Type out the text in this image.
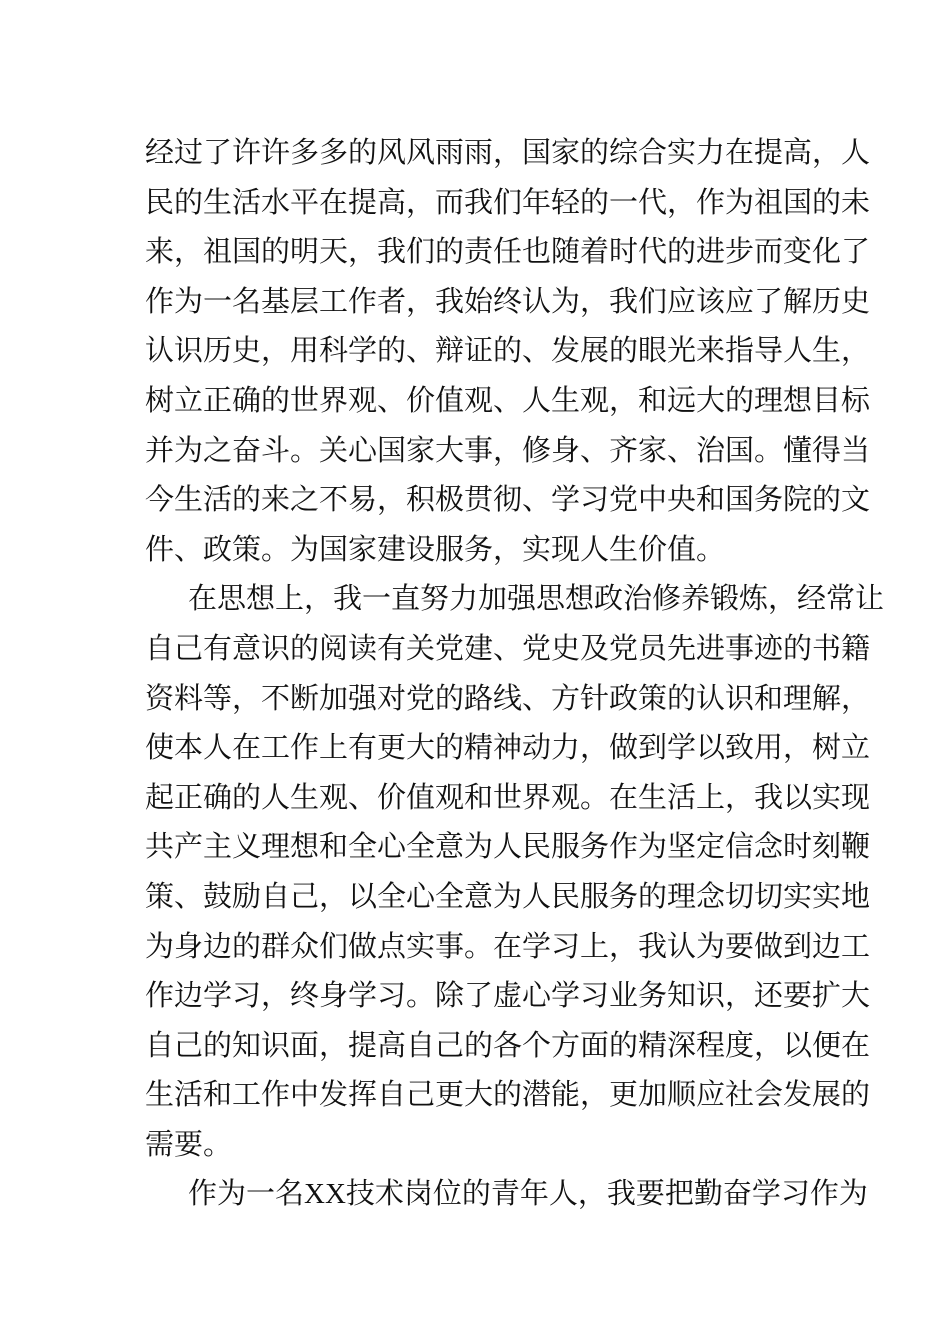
经过了许许多多的风风雨雨，国家的综合实力在提高，人
民的生活水平在提高，而我们年轻的一代，作为祖国的未
来，祖国的明天，我们的责任也随着时代的进步而变化了
作为一名基层工作者，我始终认为，我们应该应了解历史
认识历史，用科学的、辩证的、发展的眼光来指导人生，
树立正确的世界观、价值观、人生观，和远大的理想目标
并为之奋斗。关心国家大事，修身、齐家、治国。懂得当
今生活的来之不易，积极贯彻、学习党中央和国务院的文
件、政策。为国家建设服务，实现人生价值。
在思想上，我一直努力加强思想政治修养锻炼，经常让
自己有意识的阅读有关党建、党史及党员先进事迹的书籍
资料等，不断加强对党的路线、方针政策的认识和理解，
使本人在工作上有更大的精神动力，做到学以致用，树立
起正确的人生观、价值观和世界观。在生活上，我以实现
共产主义理想和全心全意为人民服务作为坚定信念时刻鞭
策、鼓励自己，以全心全意为人民服务的理念切切实实地
为身边的群众们做点实事。在学习上，我认为要做到边工
作边学习，终身学习。除了虚心学习业务知识，还要扩大
自己的知识面，提高自己的各个方面的精深程度，以便在
生活和工作中发挥自己更大的潜能，更加顺应社会发展的
需要。
作为一名XX技术岗位的青年人，我要把勤奋学习作为
